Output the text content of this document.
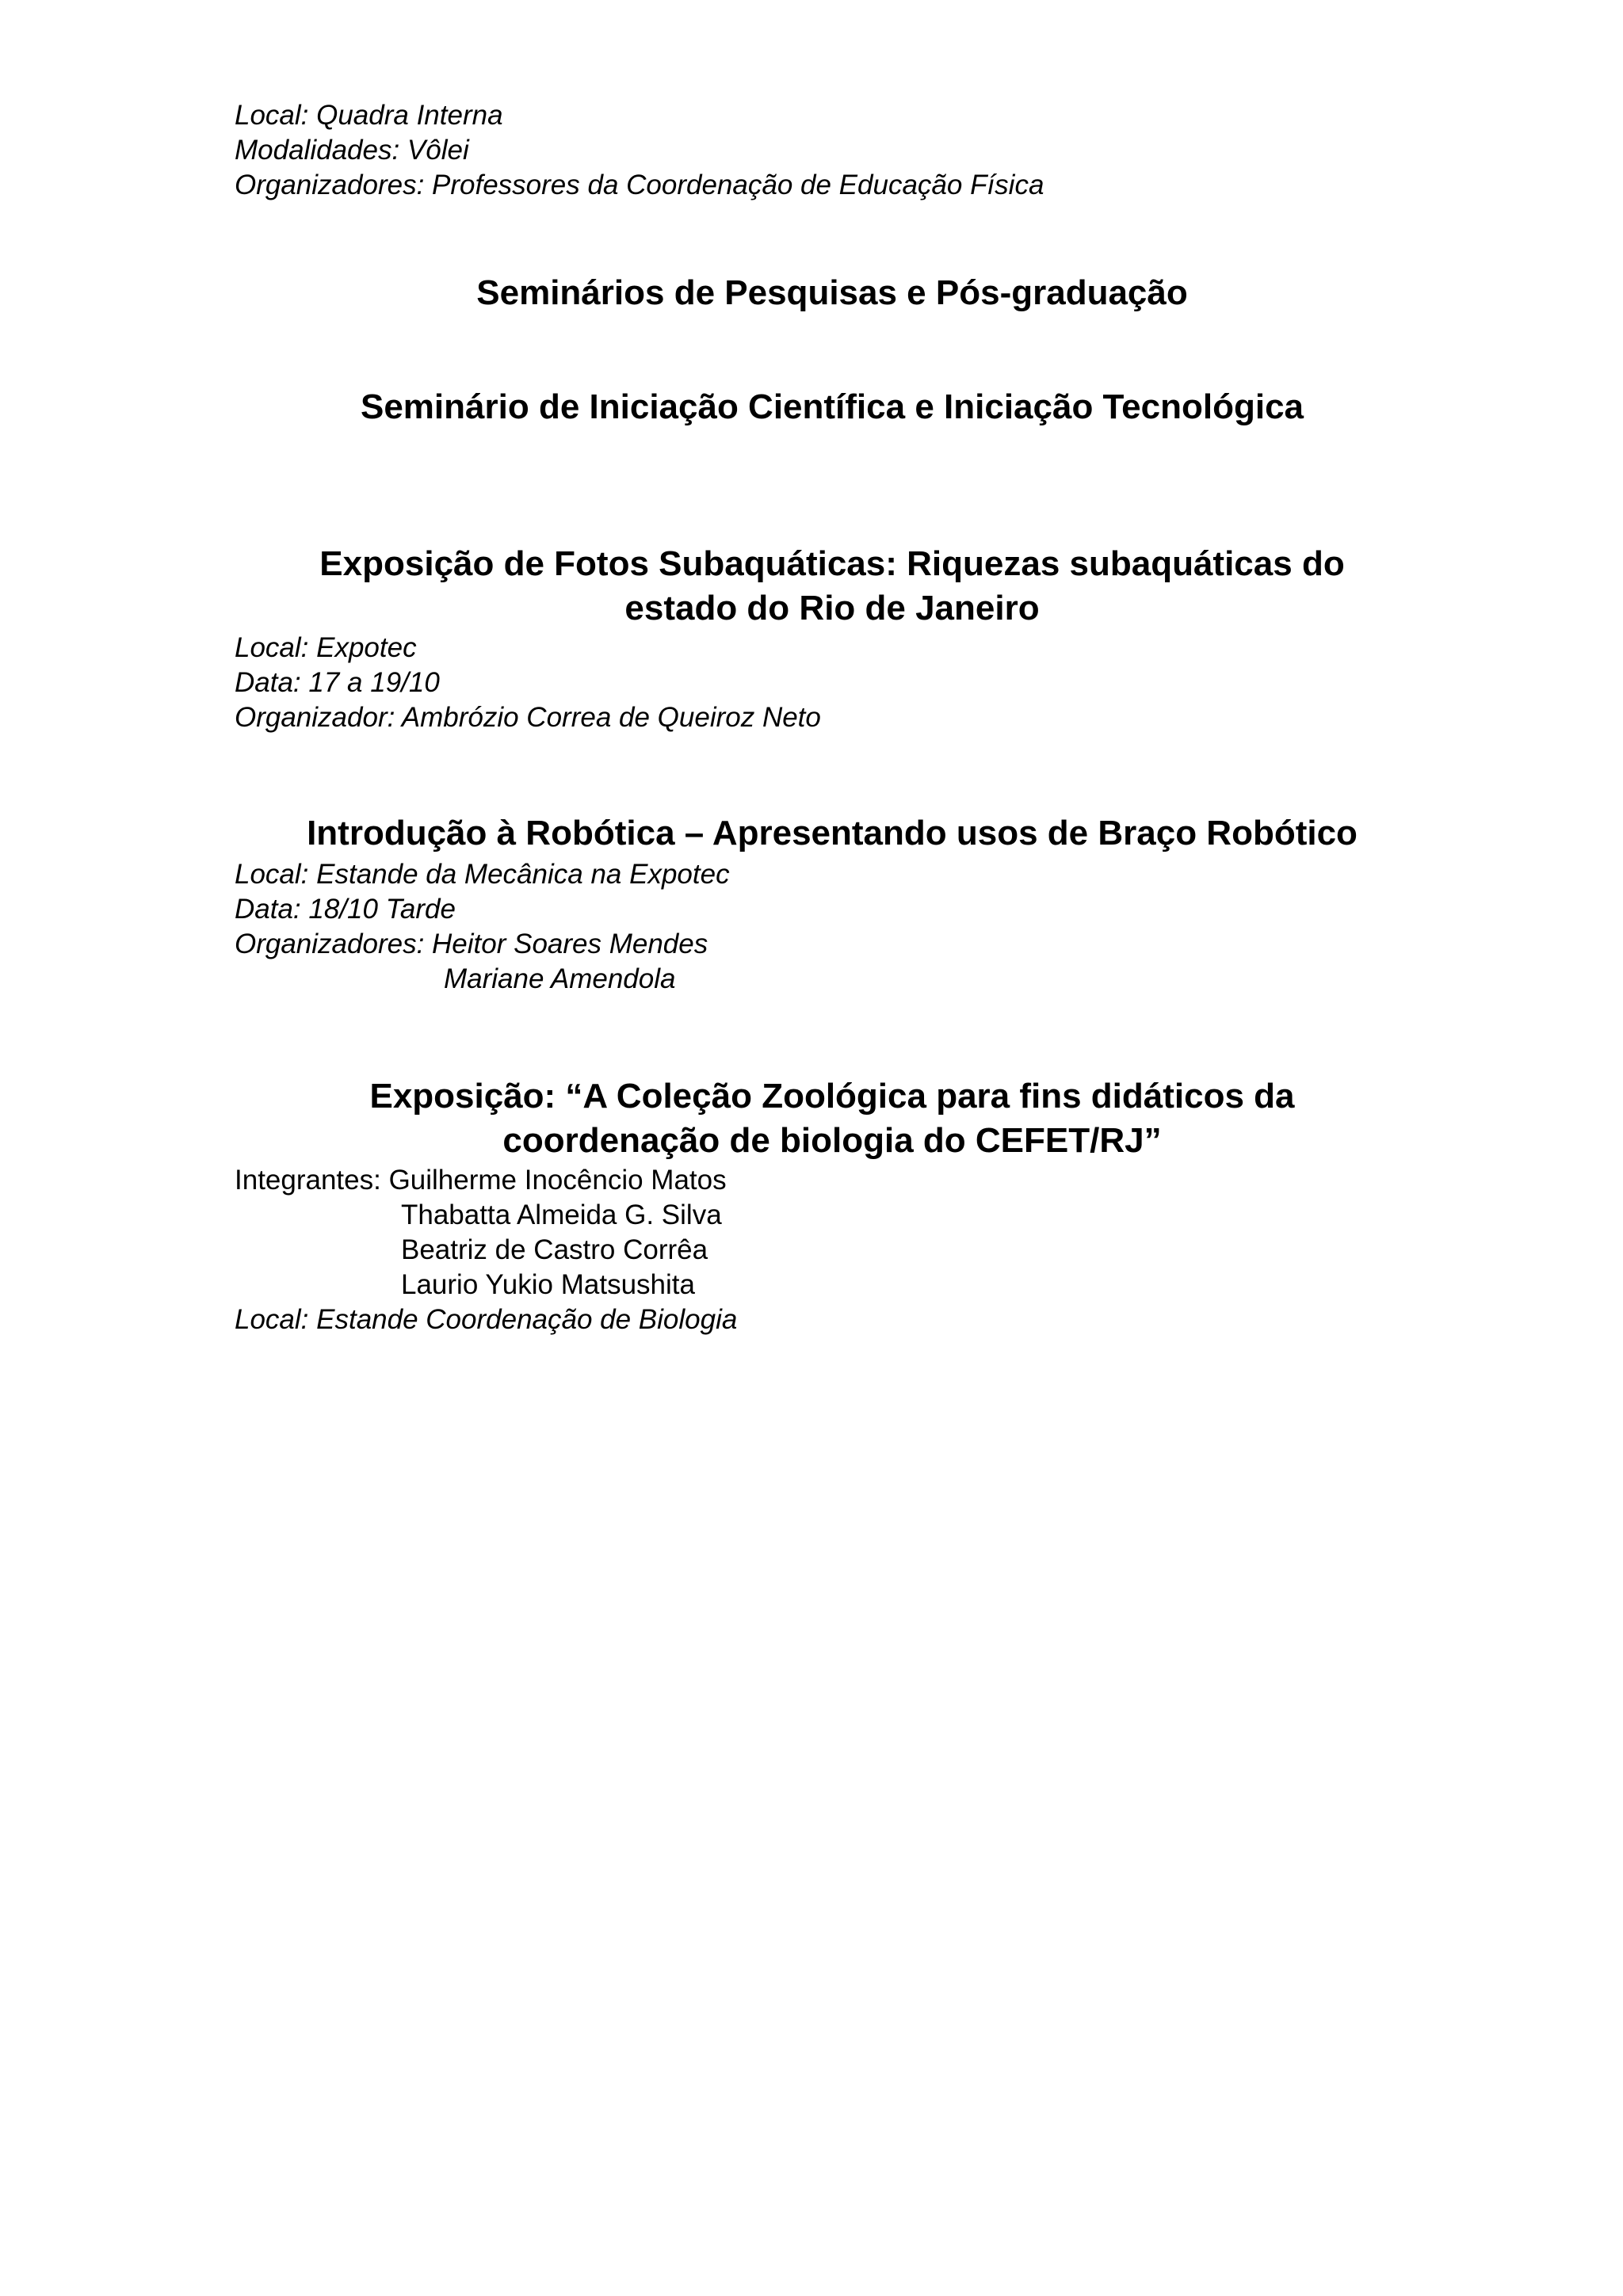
Local: Quadra Interna
Modalidades: Vôlei
Organizadores: Professores da Coordenação de Educação Física
Seminários de Pesquisas e Pós-graduação
Seminário de Iniciação Científica e Iniciação Tecnológica
Exposição de Fotos Subaquáticas: Riquezas subaquáticas do
estado do Rio de Janeiro
Local: Expotec
Data: 17 a 19/10
Organizador: Ambrózio Correa de Queiroz Neto
Introdução à Robótica – Apresentando usos de Braço Robótico
Local: Estande da Mecânica na Expotec
Data: 18/10 Tarde
Organizadores: Heitor Soares Mendes
Mariane Amendola
Exposição: “A Coleção Zoológica para fins didáticos da
coordenação de biologia do CEFET/RJ”
Integrantes: Guilherme Inocêncio Matos
Thabatta Almeida G. Silva
Beatriz de Castro Corrêa
Laurio Yukio Matsushita
Local: Estande Coordenação de Biologia
